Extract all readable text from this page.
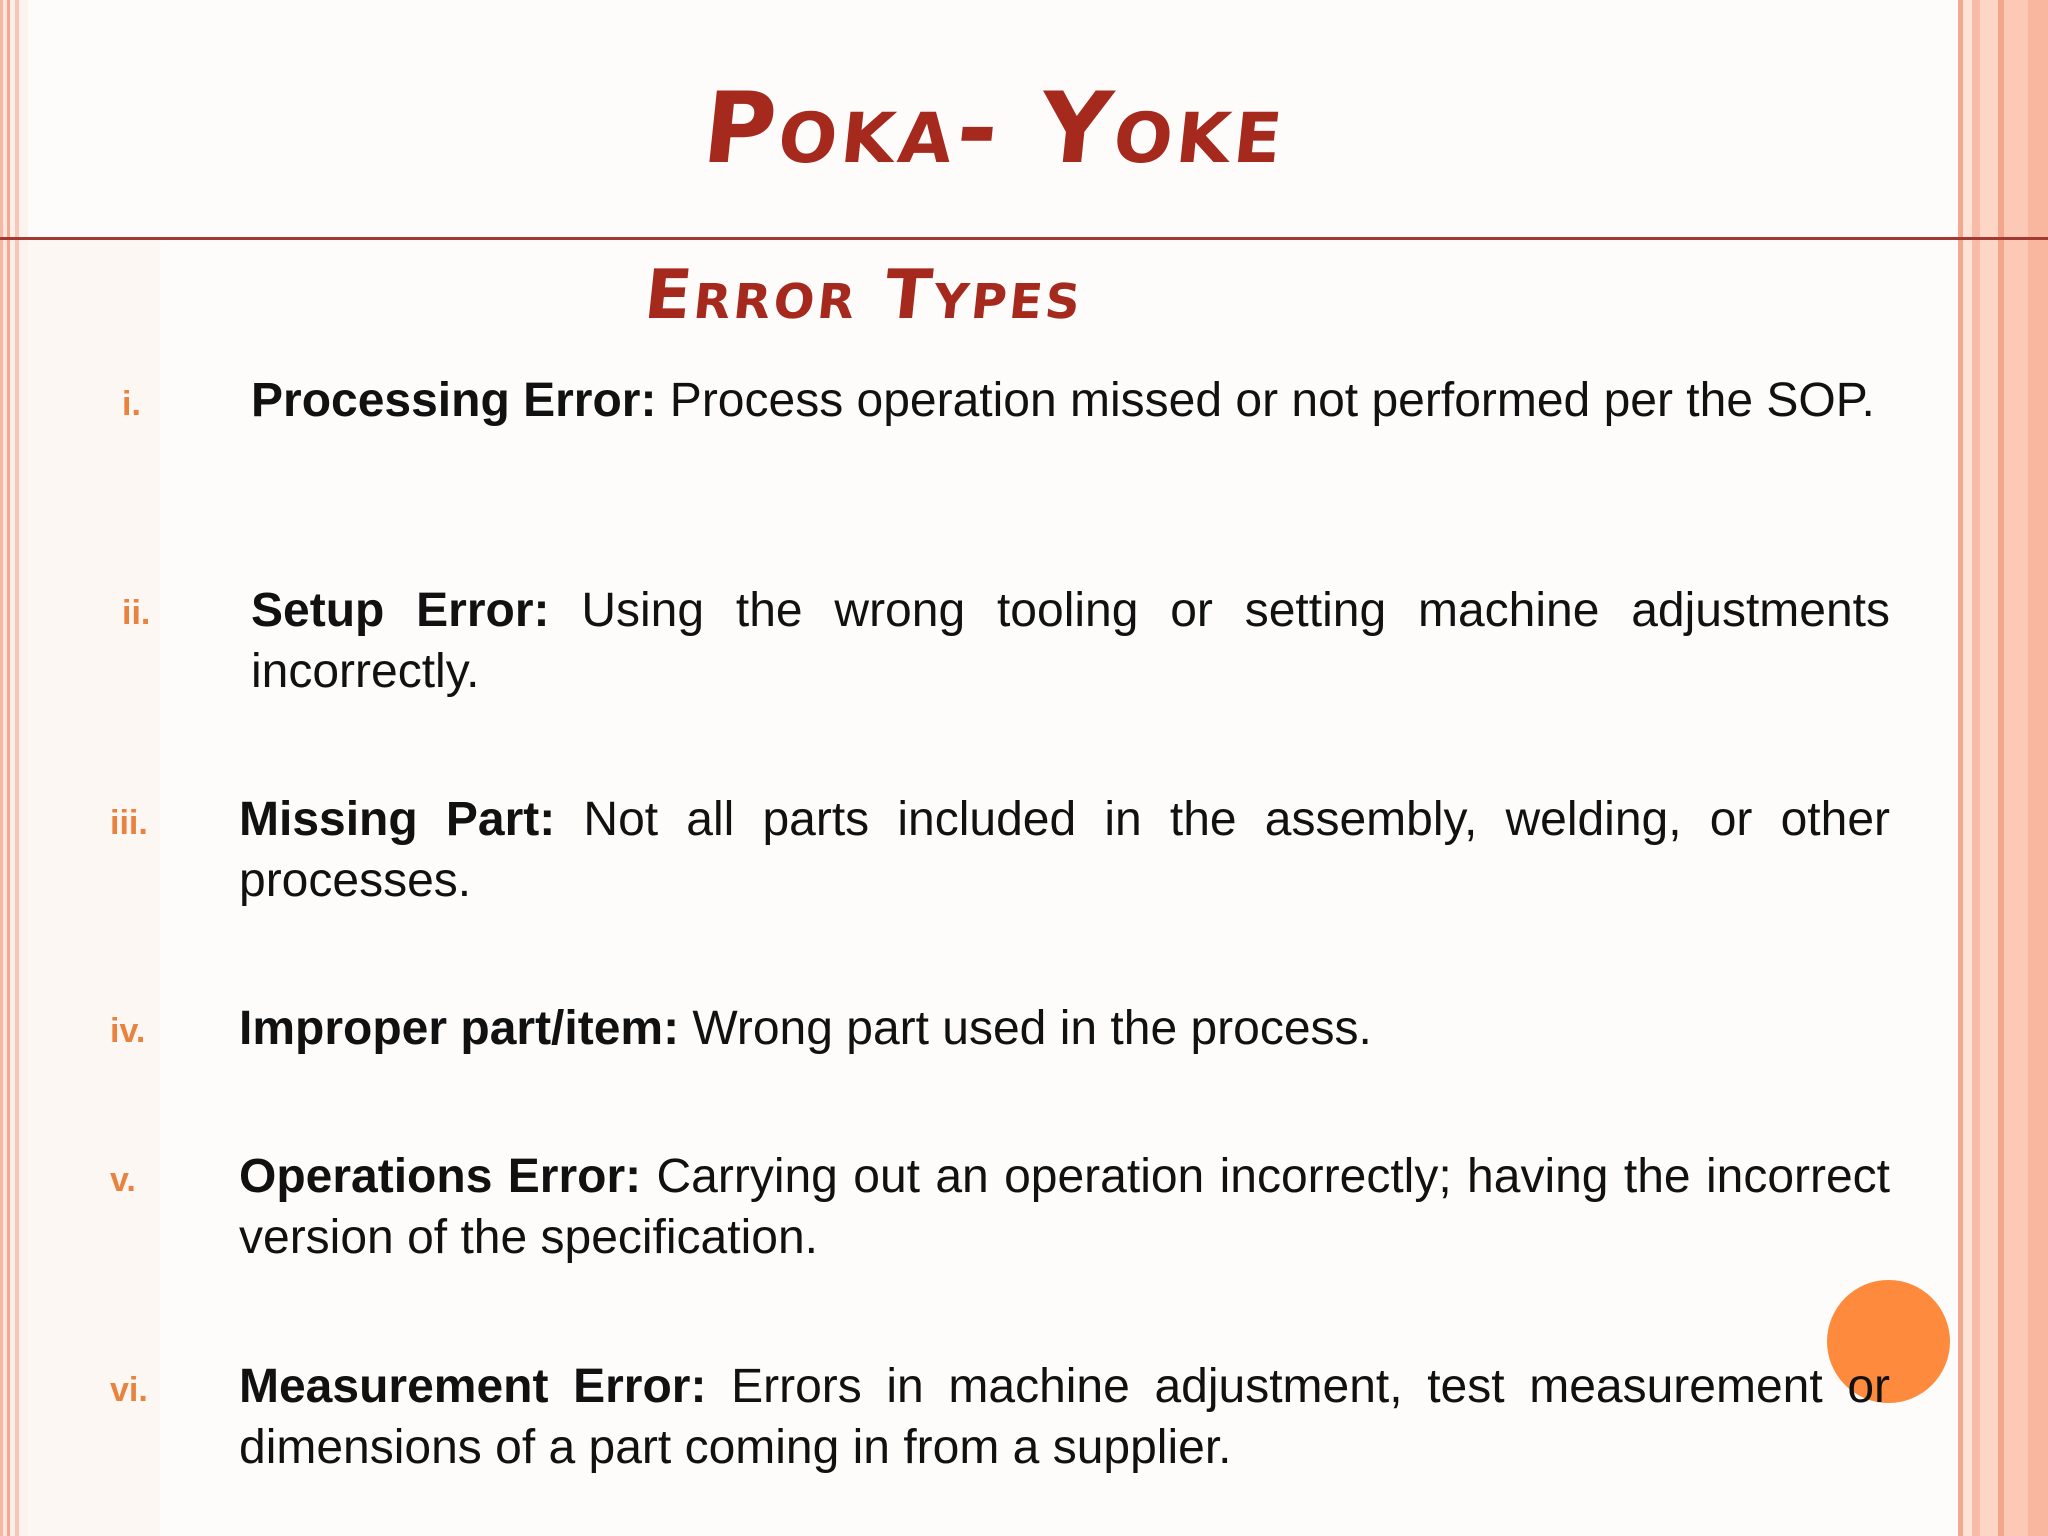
Poka- Yoke
Error Types
i. Processing Error: Process operation missed or not performed per the SOP.
ii. Setup Error: Using the wrong tooling or setting machine adjustments incorrectly.
iii. Missing Part: Not all parts included in the assembly, welding, or other processes.
iv. Improper part/item: Wrong part used in the process.
v. Operations Error: Carrying out an operation incorrectly; having the incorrect version of the specification.
vi. Measurement Error: Errors in machine adjustment, test measurement or dimensions of a part coming in from a supplier.
